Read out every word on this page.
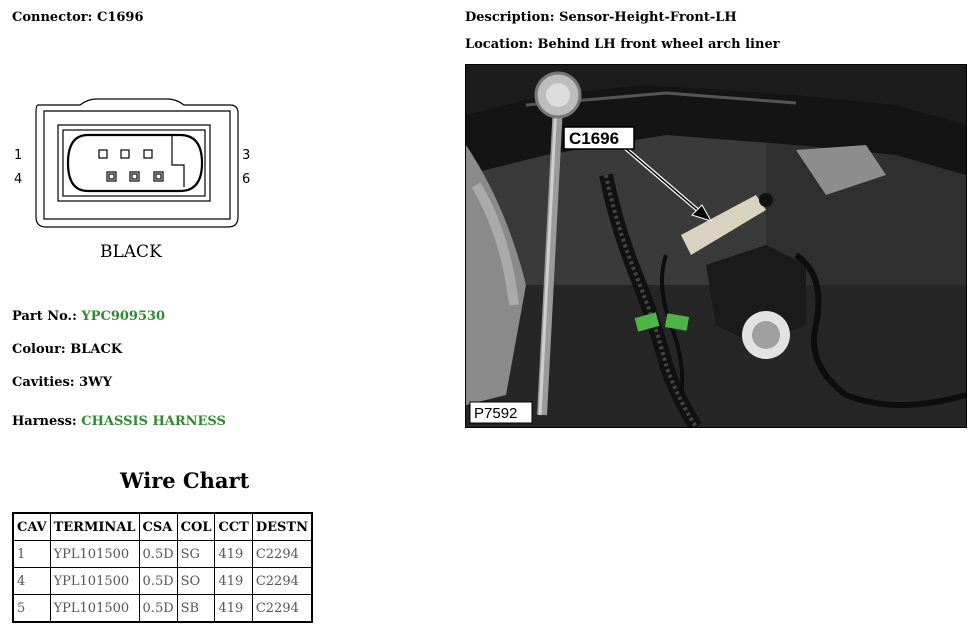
Connector: C1696	Description: Sensor-Height-Front-LH
Location: Behind LH front wheel arch liner
1
4
3
6
BLACK
C1696
P7592
Part No.: YPC909530
Colour: BLACK
Cavities: 3WY
Harness: CHASSIS HARNESS
Wire Chart
CAV	TERMINAL	CSA	COL	CCT	DESTN
1	YPL101500	0.5D	SG	419	C2294
4	YPL101500	0.5D	SO	419	C2294
5	YPL101500	0.5D	SB	419	C2294
